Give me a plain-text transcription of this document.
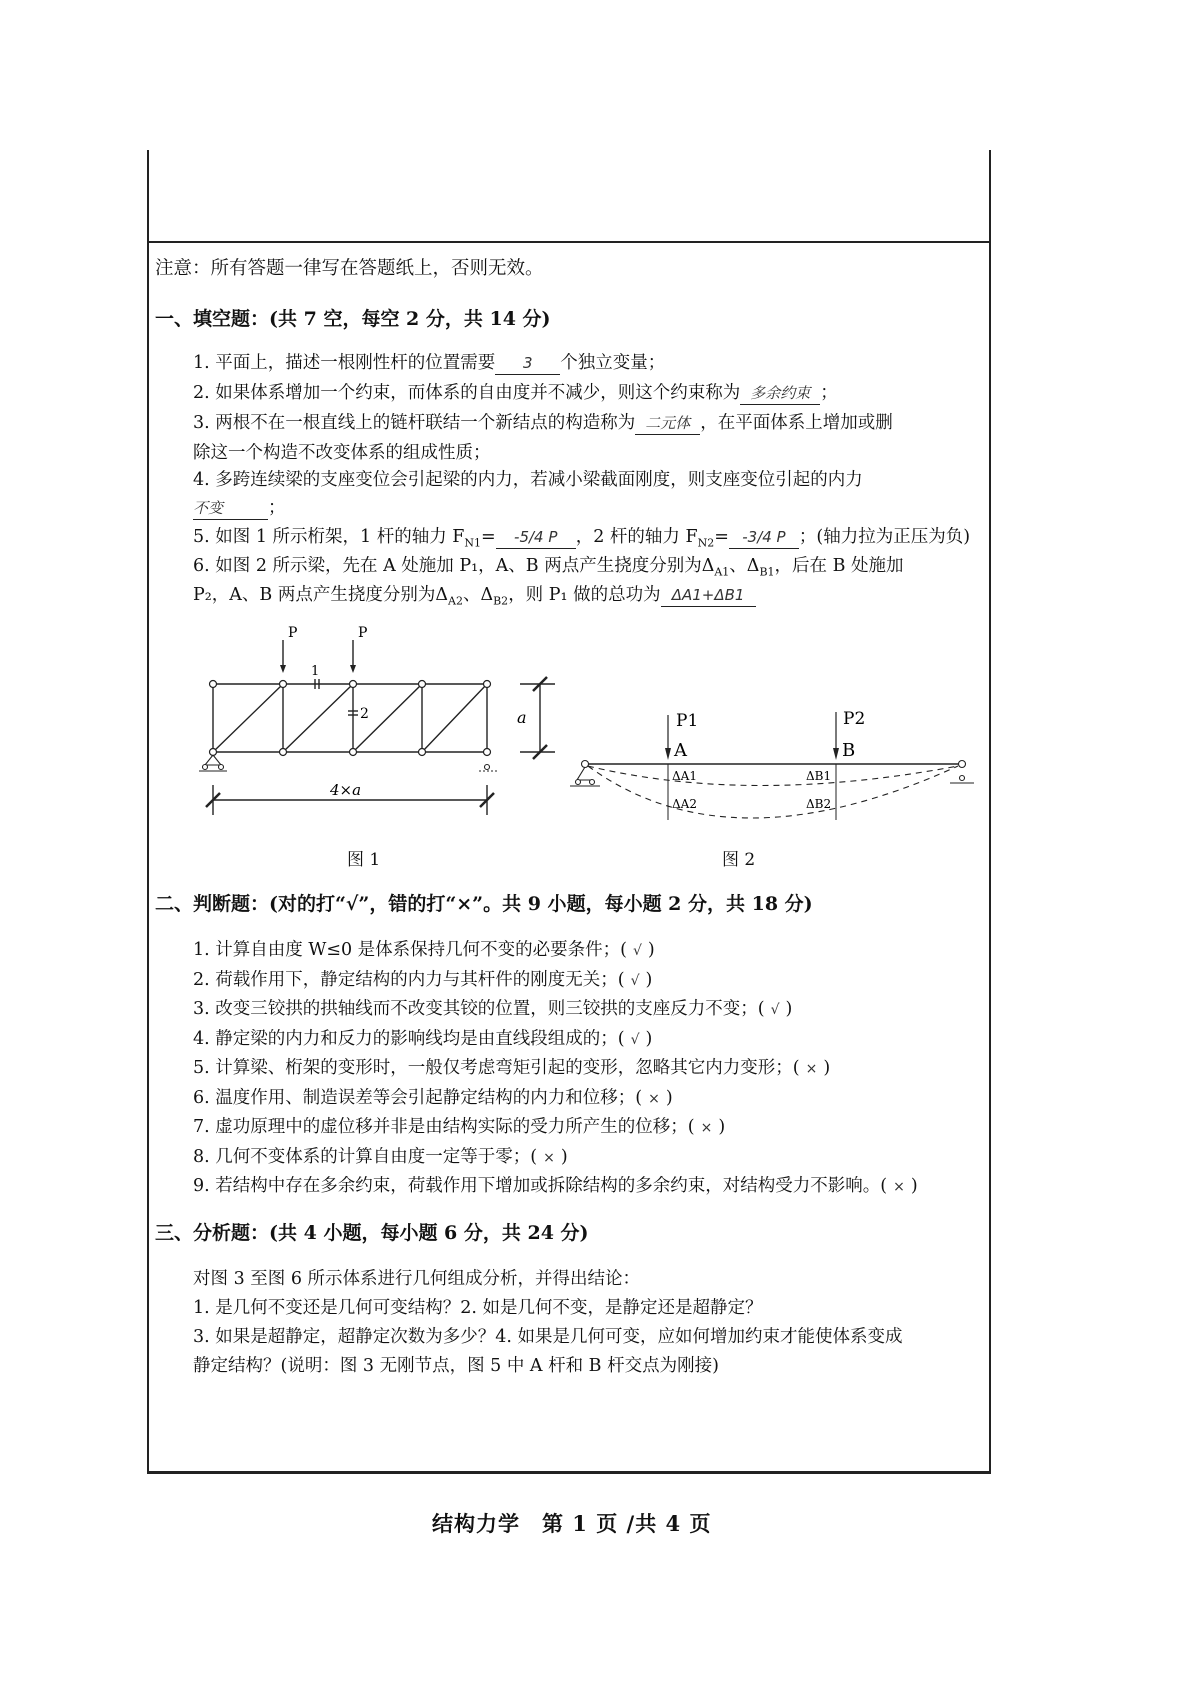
注意：所有答题一律写在答题纸上，否则无效。
一、填空题：(共 7 空，每空 2 分，共 14 分)
1. 平面上，描述一根刚性杆的位置需要 3 个独立变量；
2. 如果体系增加一个约束，而体系的自由度并不减少，则这个约束称为 多余约束 ；
3. 两根不在一根直线上的链杆联结一个新结点的构造称为 二元体 ，在平面体系上增加或删
除这一个构造不改变体系的组成性质；
4. 多跨连续梁的支座变位会引起梁的内力，若减小梁截面刚度，则支座变位引起的内力
不变	；
5. 如图 1 所示桁架，1 杆的轴力 $F_{N1}= -5/4$ P ，2 杆的轴力 $F_{N2}= -3/4$ P ；(轴力拉为正压为负)
6. 如图 2 所示梁，先在 A 处施加 P₁，A、B 两点产生挠度分别为$\Delta_{A1}$、$\Delta_{B1}$，后在 B 处施加
P₂，A、B 两点产生挠度分别为$\Delta_{A2}$、$\Delta_{B2}$，则 P₁ 做的总功为 ΔA1+ΔB1
P	P
1
2	a
4×a
图 1
P1	P2
A	B
ΔA1
ΔA2
ΔB1
ΔB2
图 2
二、判断题：(对的打“√”，错的打“×”。共 9 小题，每小题 2 分，共 18 分)
1. 计算自由度 W≤0 是体系保持几何不变的必要条件；( √ )
2. 荷载作用下，静定结构的内力与其杆件的刚度无关；( √ )
3. 改变三铰拱的拱轴线而不改变其铰的位置，则三铰拱的支座反力不变；( √ )
4. 静定梁的内力和反力的影响线均是由直线段组成的；( √ )
5. 计算梁、桁架的变形时，一般仅考虑弯矩引起的变形，忽略其它内力变形；( × )
6. 温度作用、制造误差等会引起静定结构的内力和位移；( × )
7. 虚功原理中的虚位移并非是由结构实际的受力所产生的位移；( × )
8. 几何不变体系的计算自由度一定等于零；( × )
9. 若结构中存在多余约束，荷载作用下增加或拆除结构的多余约束，对结构受力不影响。( × )
三、分析题：(共 4 小题，每小题 6 分，共 24 分)
对图 3 至图 6 所示体系进行几何组成分析，并得出结论：
1. 是几何不变还是几何可变结构？2. 如是几何不变，是静定还是超静定？
3. 如果是超静定，超静定次数为多少？4. 如果是几何可变，应如何增加约束才能使体系变成
静定结构？(说明：图 3 无刚节点，图 5 中 A 杆和 B 杆交点为刚接)
结构力学　第 1 页 /共 4 页
